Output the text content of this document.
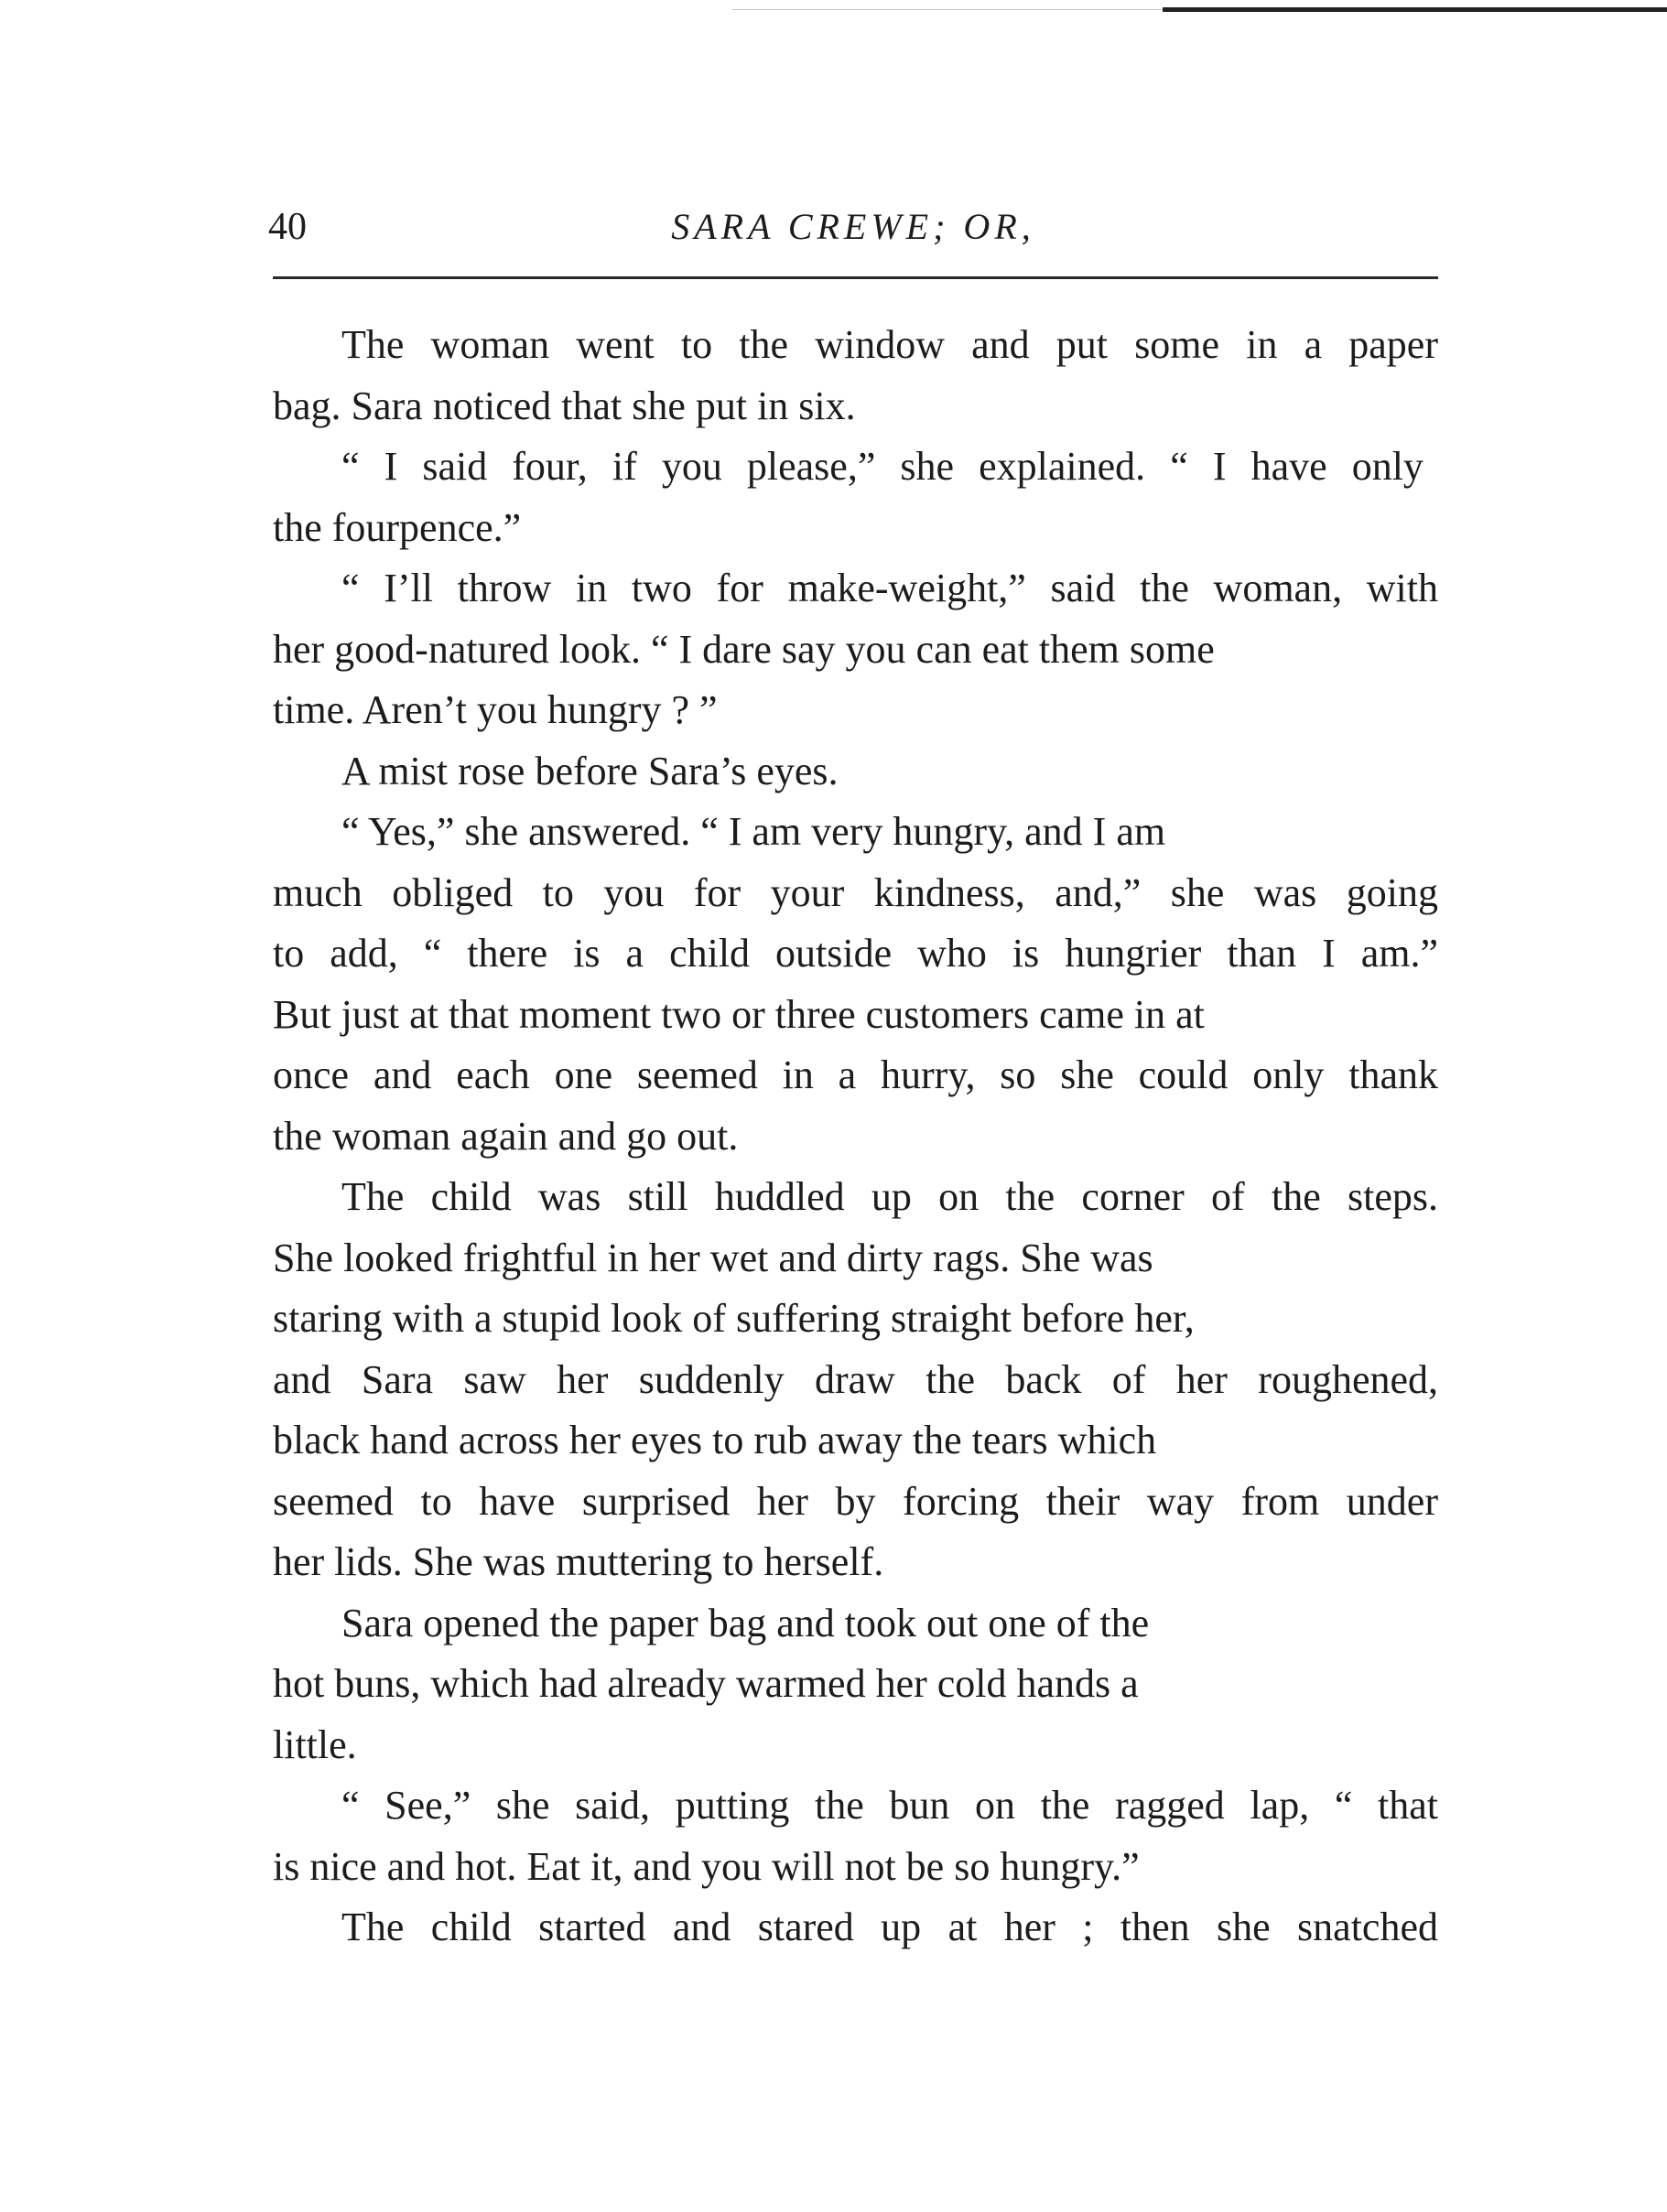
40	SARA CREWE; OR,
The woman went to the window and put some in a paper
bag. Sara noticed that she put in six.
“ I said four, if you please,” she explained. “ I have only
the fourpence.”
“ I’ll throw in two for make-weight,” said the woman, with
her good-natured look. “ I dare say you can eat them some
time. Aren’t you hungry ? ”
A mist rose before Sara’s eyes.
“ Yes,” she answered. “ I am very hungry, and I am
much obliged to you for your kindness, and,” she was going
to add, “ there is a child outside who is hungrier than I am.”
But just at that moment two or three customers came in at
once and each one seemed in a hurry, so she could only thank
the woman again and go out.
The child was still huddled up on the corner of the steps.
She looked frightful in her wet and dirty rags. She was
staring with a stupid look of suffering straight before her,
and Sara saw her suddenly draw the back of her roughened,
black hand across her eyes to rub away the tears which
seemed to have surprised her by forcing their way from under
her lids. She was muttering to herself.
Sara opened the paper bag and took out one of the
hot buns, which had already warmed her cold hands a
little.
“ See,” she said, putting the bun on the ragged lap, “ that
is nice and hot. Eat it, and you will not be so hungry.”
The child started and stared up at her ; then she snatched
